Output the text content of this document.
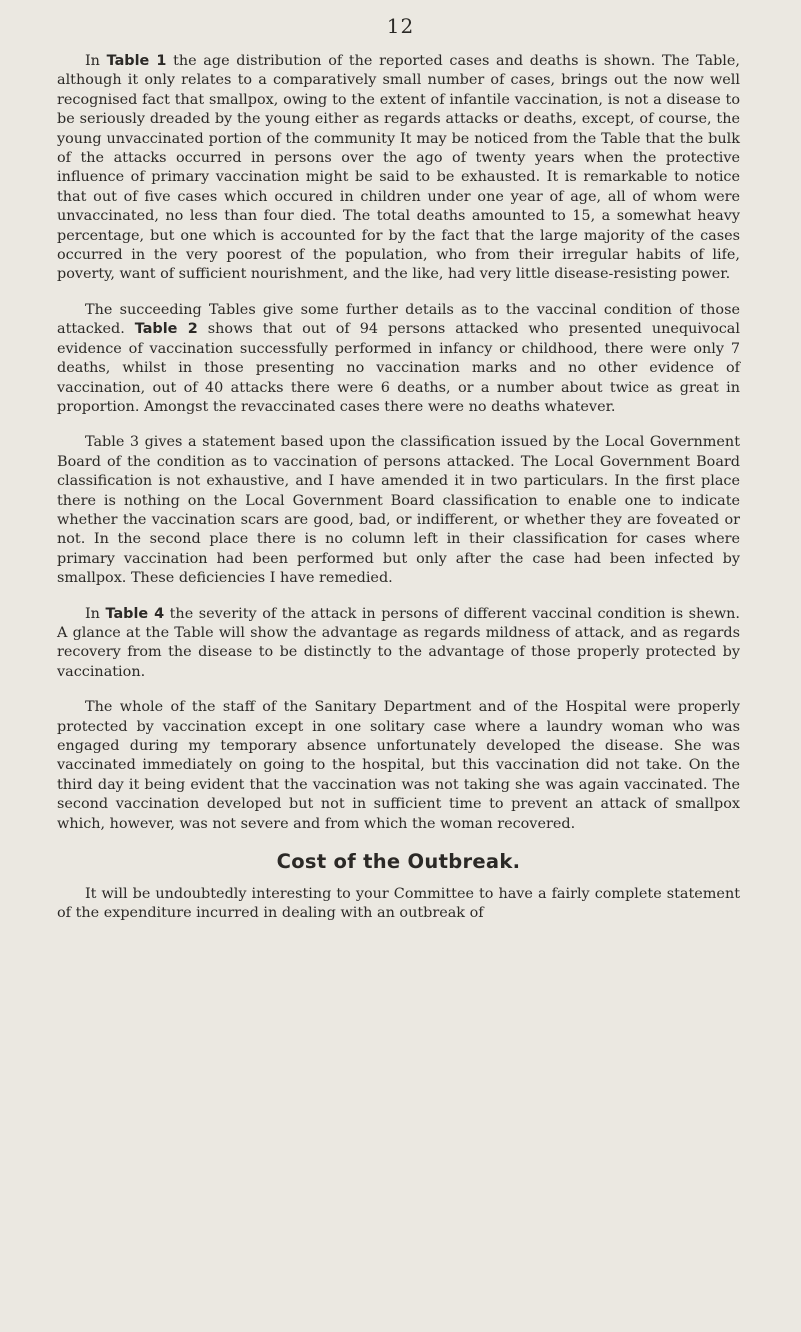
12

In Table 1 the age distribution of the reported cases and deaths is shown. The Table, although it only relates to a comparatively small number of cases, brings out the now well recognised fact that smallpox, owing to the extent of infantile vaccination, is not a disease to be seriously dreaded by the young either as regards attacks or deaths, except, of course, the young unvaccinated portion of the community It may be noticed from the Table that the bulk of the attacks occurred in persons over the ago of twenty years when the protective influence of primary vaccination might be said to be exhausted. It is remarkable to notice that out of five cases which occured in children under one year of age, all of whom were unvaccinated, no less than four died. The total deaths amounted to 15, a somewhat heavy percentage, but one which is accounted for by the fact that the large majority of the cases occurred in the very poorest of the population, who from their irregular habits of life, poverty, want of sufficient nourishment, and the like, had very little disease-resisting power.

The succeeding Tables give some further details as to the vaccinal condition of those attacked. Table 2 shows that out of 94 persons attacked who presented unequivocal evidence of vaccination successfully performed in infancy or childhood, there were only 7 deaths, whilst in those presenting no vaccination marks and no other evidence of vaccination, out of 40 attacks there were 6 deaths, or a number about twice as great in proportion. Amongst the revaccinated cases there were no deaths whatever.

Table 3 gives a statement based upon the classification issued by the Local Government Board of the condition as to vaccination of persons attacked. The Local Government Board classification is not exhaustive, and I have amended it in two particulars. In the first place there is nothing on the Local Government Board classification to enable one to indicate whether the vaccination scars are good, bad, or indifferent, or whether they are foveated or not. In the second place there is no column left in their classification for cases where primary vaccination had been performed but only after the case had been infected by smallpox. These deficiencies I have remedied.

In Table 4 the severity of the attack in persons of different vaccinal condition is shewn. A glance at the Table will show the advantage as regards mildness of attack, and as regards recovery from the disease to be distinctly to the advantage of those properly protected by vaccination.

The whole of the staff of the Sanitary Department and of the Hospital were properly protected by vaccination except in one solitary case where a laundry woman who was engaged during my temporary absence unfortunately developed the disease. She was vaccinated immediately on going to the hospital, but this vaccination did not take. On the third day it being evident that the vaccination was not taking she was again vaccinated. The second vaccination developed but not in sufficient time to prevent an attack of smallpox which, however, was not severe and from which the woman recovered.

Cost of the Outbreak.

It will be undoubtedly interesting to your Committee to have a fairly complete statement of the expenditure incurred in dealing with an outbreak of
